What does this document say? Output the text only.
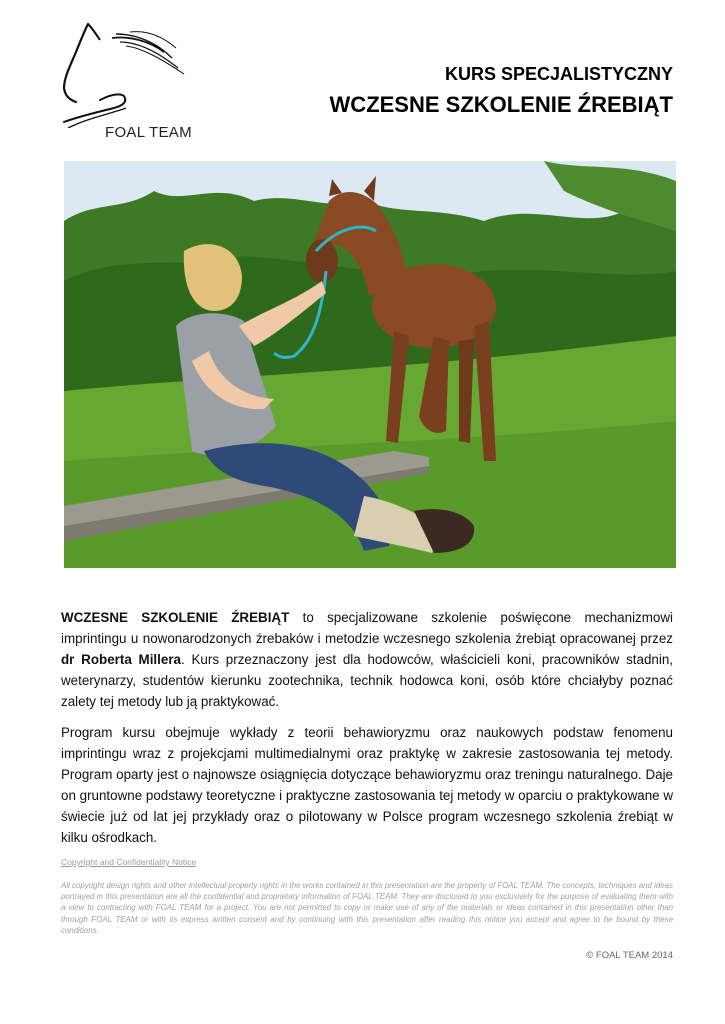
FOAL TEAM
KURS SPECJALISTYCZNY
WCZESNE SZKOLENIE ŹREBIĄT
WCZESNE SZKOLENIE ŹREBIĄT to specjalizowane szkolenie poświęcone mechanizmowi imprintingu u nowonarodzonych źrebaków i metodzie wczesnego szkolenia źrebiąt opracowanej przez dr Roberta Millera. Kurs przeznaczony jest dla hodowców, właścicieli koni, pracowników stadnin, weterynarzy, studentów kierunku zootechnika, technik hodowca koni, osób które chciałyby poznać zalety tej metody lub ją praktykować.
Program kursu obejmuje wykłady z teorii behawioryzmu oraz naukowych podstaw fenomenu imprintingu wraz z projekcjami multimedialnymi oraz praktykę w zakresie zastosowania tej metody. Program oparty jest o najnowsze osiągnięcia dotyczące behawioryzmu oraz treningu naturalnego. Daje on gruntowne podstawy teoretyczne i praktyczne zastosowania tej metody w oparciu o praktykowane w świecie już od lat jej przykłady oraz o pilotowany w Polsce program wczesnego szkolenia źrebiąt w kilku ośrodkach.
Copyright and Confidentiality Notice
All copyright design rights and other intellectual property rights in the works contained in this presentation are the property of FOAL TEAM. The concepts, techniques and ideas portrayed in this presentation are all the confidential and proprietary information of FOAL TEAM. They are disclosed to you exclusively for the purpose of evaluating them with a view to contracting with FOAL TEAM for a project. You are not permitted to copy or make use of any of the materials or ideas contained in this presentation other than through FOAL TEAM or with its express written consent and by continuing with this presentation after reading this notice you accept and agree to be bound by these conditions.
© FOAL TEAM 2014
